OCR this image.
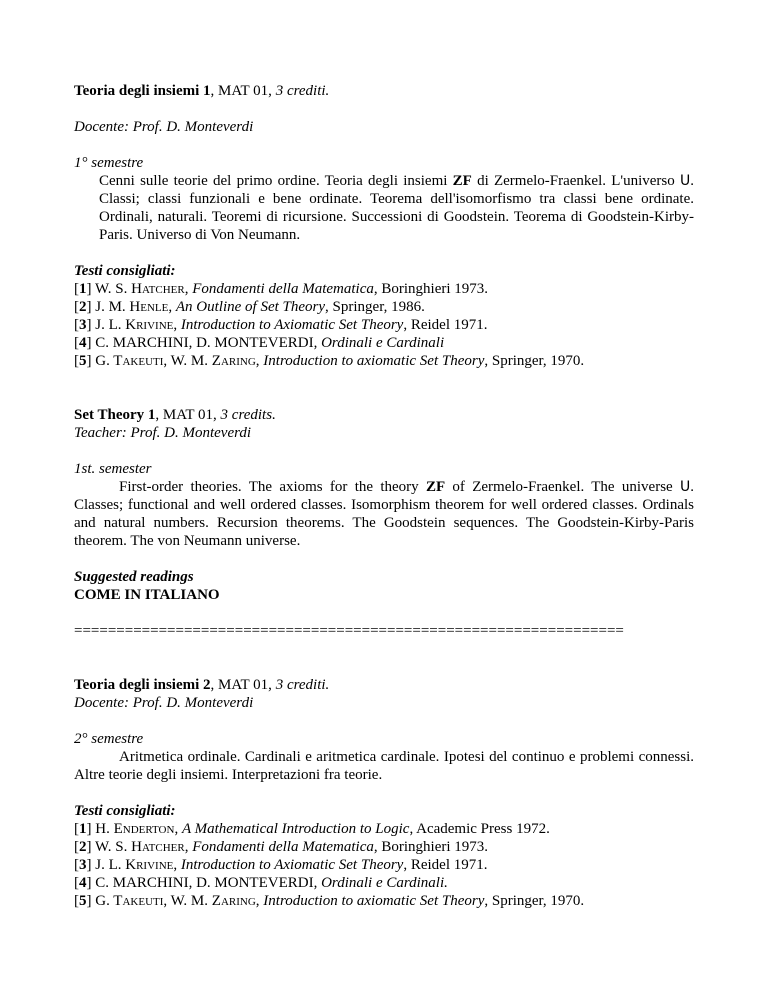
Teoria degli insiemi 1, MAT 01, 3 crediti.

Docente: Prof. D. Monteverdi

1° semestre

Cenni sulle teorie del primo ordine. Teoria degli insiemi ZF di Zermelo-Fraenkel. L'universo U. Classi; classi funzionali e bene ordinate. Teorema dell'isomorfismo tra classi bene ordinate. Ordinali, naturali. Teoremi di ricursione. Successioni di Goodstein. Teorema di Goodstein-Kirby-Paris. Universo di Von Neumann.

Testi consigliati:

[1] W. S. Hatcher, Fondamenti della Matematica, Boringhieri 1973.

[2] J. M. Henle, An Outline of Set Theory, Springer, 1986.

[3] J. L. Krivine, Introduction to Axiomatic Set Theory, Reidel 1971.

[4] C. MARCHINI, D. MONTEVERDI, Ordinali e Cardinali

[5] G. Takeuti, W. M. Zaring, Introduction to axiomatic Set Theory, Springer, 1970.

Set Theory 1, MAT 01, 3 credits.

Teacher: Prof. D. Monteverdi

1st. semester

First-order theories. The axioms for the theory ZF of Zermelo-Fraenkel. The universe U. Classes; functional and well ordered classes. Isomorphism theorem for well ordered classes. Ordinals and natural numbers. Recursion theorems. The Goodstein sequences. The Goodstein-Kirby-Paris theorem. The von Neumann universe.

Suggested readings

COME IN ITALIANO

=================================================================

Teoria degli insiemi 2, MAT 01, 3 crediti.

Docente: Prof. D. Monteverdi

2° semestre

Aritmetica ordinale. Cardinali e aritmetica cardinale. Ipotesi del continuo e problemi connessi. Altre teorie degli insiemi. Interpretazioni fra teorie.

Testi consigliati:

[1] H. Enderton, A Mathematical Introduction to Logic, Academic Press 1972.

[2] W. S. Hatcher, Fondamenti della Matematica, Boringhieri 1973.

[3] J. L. Krivine, Introduction to Axiomatic Set Theory, Reidel 1971.

[4] C. MARCHINI, D. MONTEVERDI, Ordinali e Cardinali.

[5] G. Takeuti, W. M. Zaring, Introduction to axiomatic Set Theory, Springer, 1970.
